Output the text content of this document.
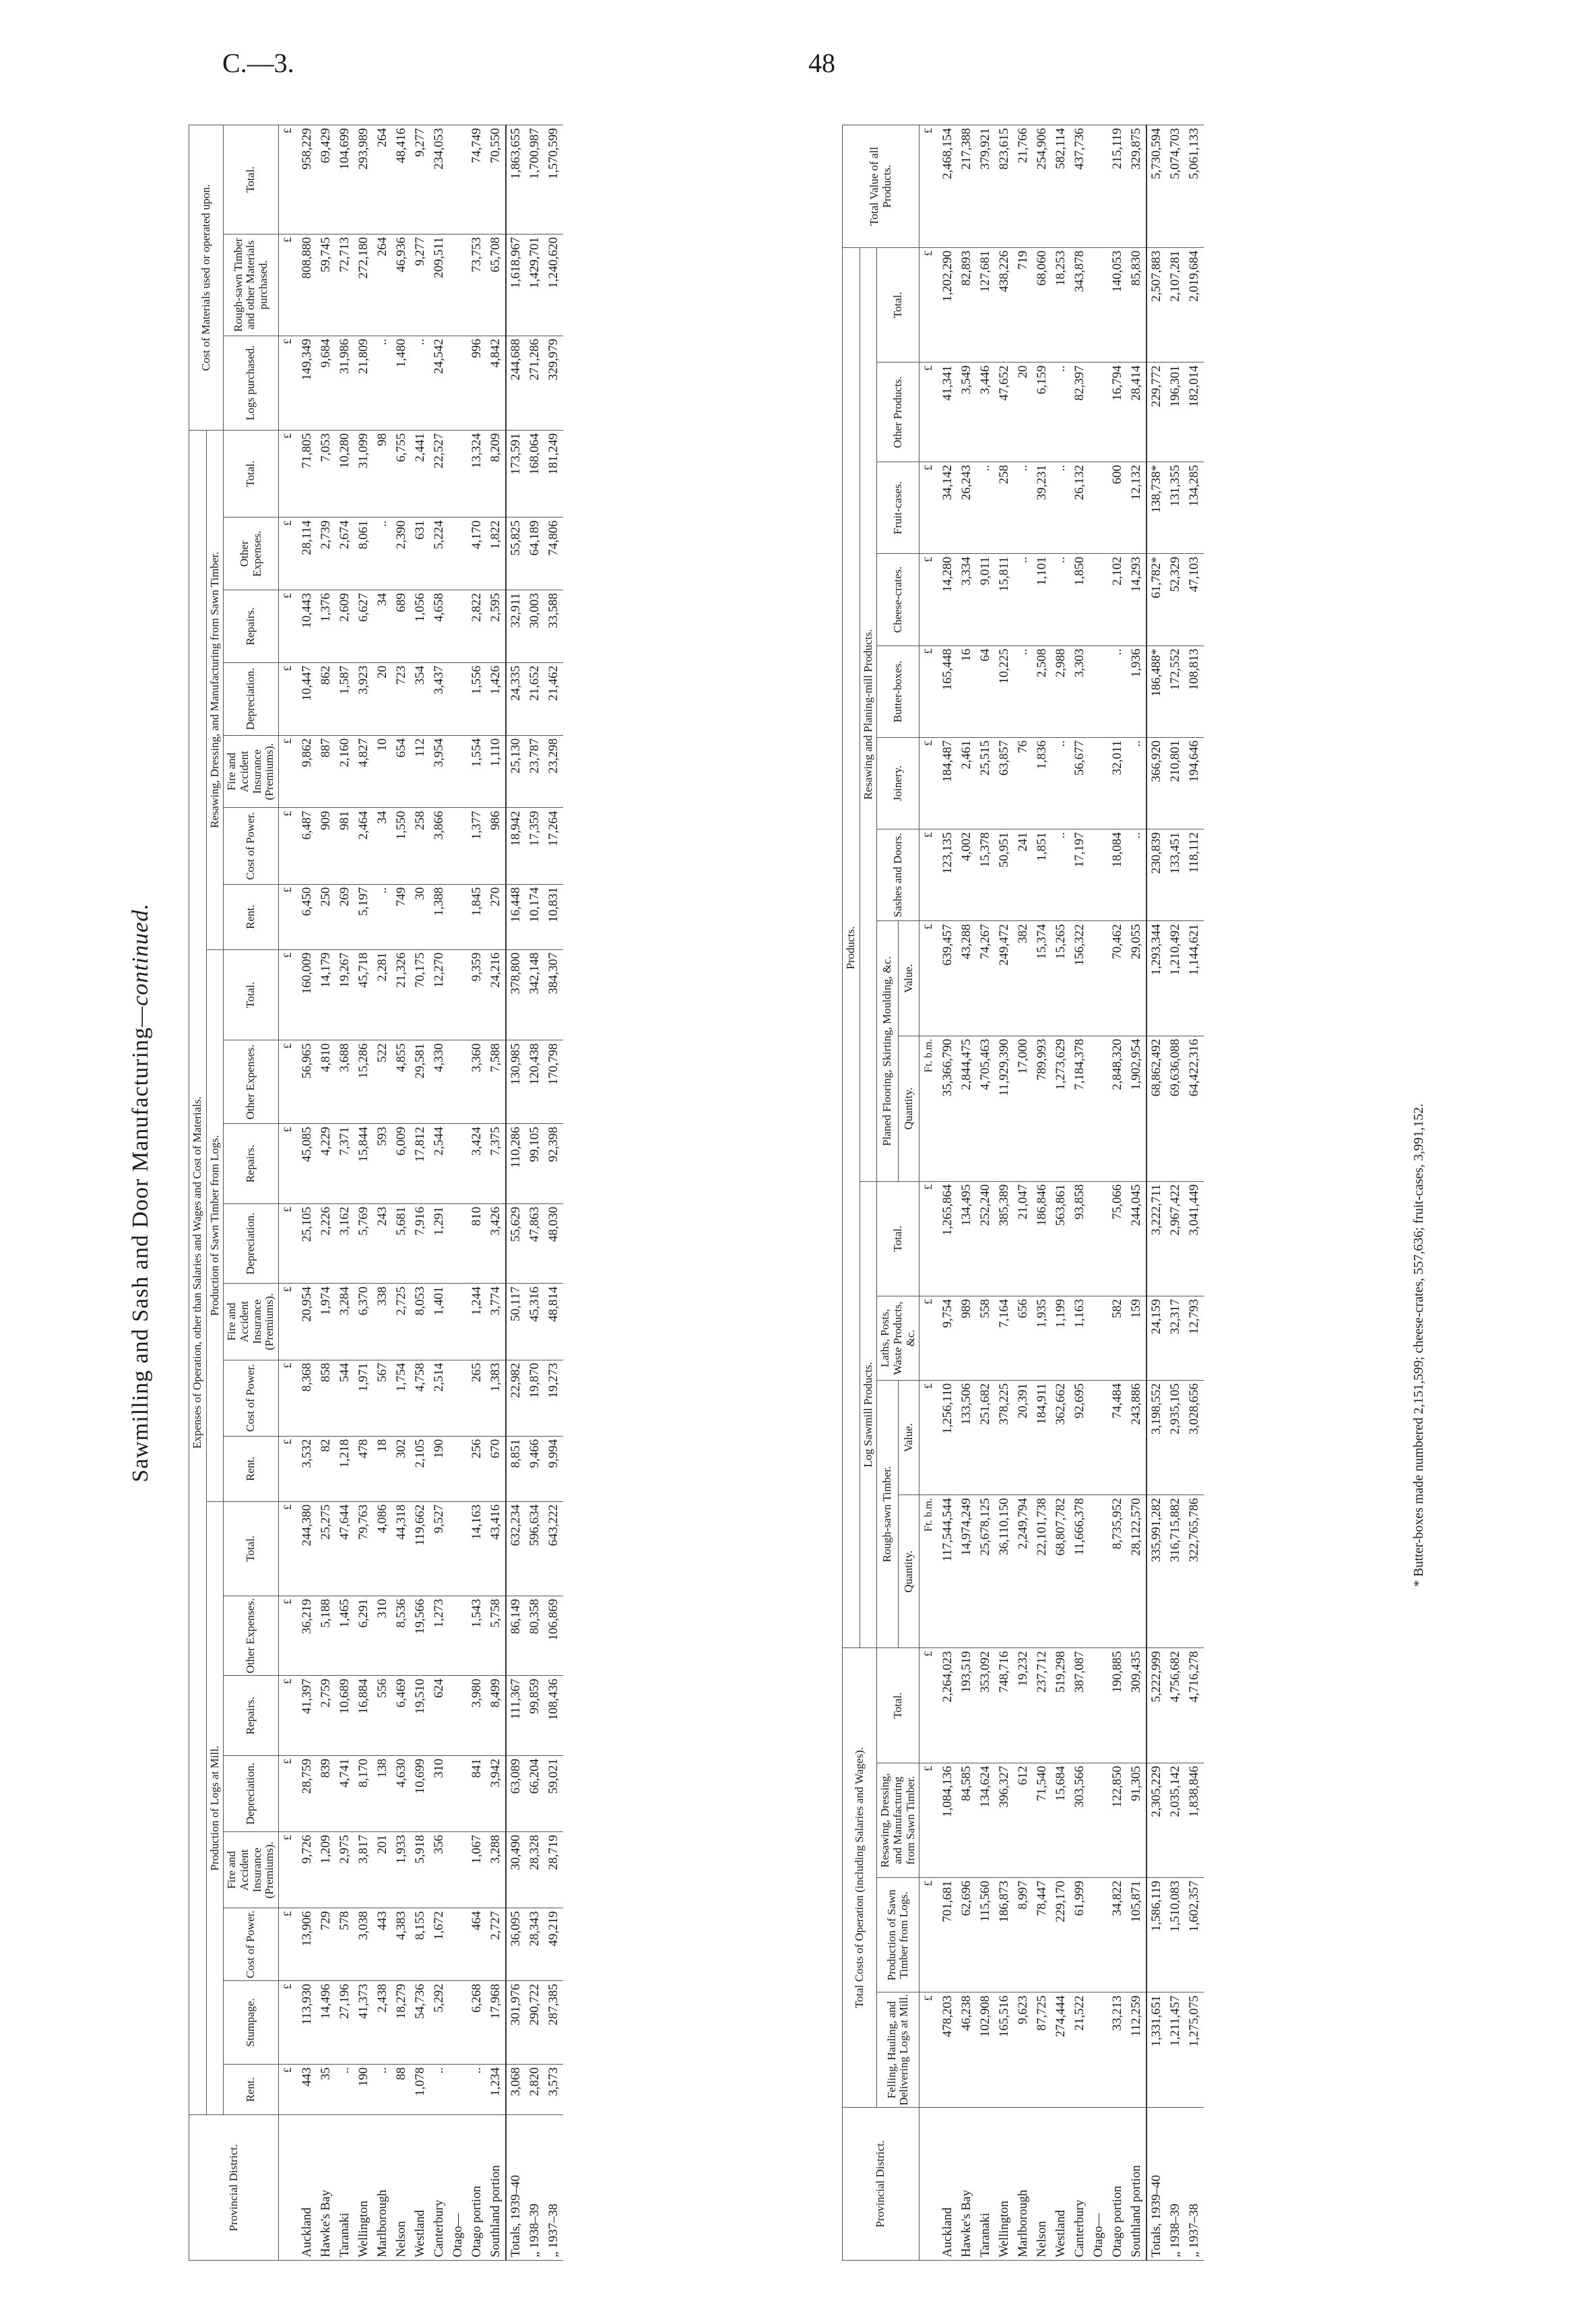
C.—3.	48
Sawmilling and Sash and Door Manufacturing—continued.
Provincial District.	Expenses of Operation, other than Salaries and Wages and Cost of Materials.																						Cost of Materials used or operated upon.		
	Production of Logs at Mill.								Production of Sawn Timber from Logs.							Resawing, Dressing, and Manufacturing from Sawn Timber.									
	Rent.	Stumpage.	Cost of Power.	Fire and Accident Insurance (Premiums).	Depreciation.	Repairs.	Other Expenses.	Total.	Rent.	Cost of Power.	Fire and Accident Insurance (Premiums).	Depreciation.	Repairs.	Other Expenses.	Total.	Rent.	Cost of Power.	Fire and Accident Insurance (Premiums).	Depreciation.	Repairs.	Other Expenses.	Total.	Logs purchased.	Rough-sawn Timber and other Materials purchased.	Total.
	£	£	£	£	£	£	£	£	£	£	£	£	£	£	£	£	£	£	£	£	£	£	£	£	£
Auckland	443	113,930	13,906	9,726	28,759	41,397	36,219	244,380	3,532	8,368	20,954	25,105	45,085	56,965	160,009	6,450	6,487	9,862	10,447	10,443	28,114	71,805	149,349	808,880	958,229
Hawke's Bay	35	14,496	729	1,209	839	2,759	5,188	25,275	82	858	1,974	2,226	4,229	4,810	14,179	250	909	887	862	1,376	2,739	7,053	9,684	59,745	69,429
Taranaki	..	27,196	578	2,975	4,741	10,689	1,465	47,644	1,218	544	3,284	3,162	7,371	3,688	19,267	269	981	2,160	1,587	2,609	2,674	10,280	31,986	72,713	104,699
Wellington	190	41,373	3,038	3,817	8,170	16,884	6,291	79,763	478	1,971	6,370	5,769	15,844	15,286	45,718	5,197	2,464	4,827	3,923	6,627	8,061	31,099	21,809	272,180	293,989
Marlborough	..	2,438	443	201	138	556	310	4,086	18	567	338	243	593	522	2,281	..	34	10	20	34	..	98	..	264	264
Nelson	88	18,279	4,383	1,933	4,630	6,469	8,536	44,318	302	1,754	2,725	5,681	6,009	4,855	21,326	749	1,550	654	723	689	2,390	6,755	1,480	46,936	48,416
Westland	1,078	54,736	8,155	5,918	10,699	19,510	19,566	119,662	2,105	4,758	8,053	7,916	17,812	29,581	70,175	30	258	112	354	1,056	631	2,441	..	9,277	9,277
Canterbury	..	5,292	1,672	356	310	624	1,273	9,527	190	2,514	1,401	1,291	2,544	4,330	12,270	1,388	3,866	3,954	3,437	4,658	5,224	22,527	24,542	209,511	234,053
Otago—																									
Otago portion	..	6,268	464	1,067	841	3,980	1,543	14,163	256	265	1,244	810	3,424	3,360	9,359	1,845	1,377	1,554	1,556	2,822	4,170	13,324	996	73,753	74,749
Southland portion	1,234	17,968	2,727	3,288	3,942	8,499	5,758	43,416	670	1,383	3,774	3,426	7,375	7,588	24,216	270	986	1,110	1,426	2,595	1,822	8,209	4,842	65,708	70,550
Totals, 1939–40	3,068	301,976	36,095	30,490	63,089	111,367	86,149	632,234	8,851	22,982	50,117	55,629	110,286	130,985	378,800	16,448	18,942	25,130	24,335	32,911	55,825	173,591	244,688	1,618,967	1,863,655
„ 1938–39	2,820	290,722	28,343	28,328	66,204	99,859	80,358	596,634	9,466	19,870	45,316	47,863	99,105	120,438	342,148	10,174	17,359	23,787	21,652	30,003	64,189	168,064	271,286	1,429,701	1,700,987
„ 1937–38	3,573	287,385	49,219	28,719	59,021	108,436	106,869	643,222	9,994	19,273	48,814	48,030	92,398	170,798	384,307	10,831	17,264	23,298	21,462	33,588	74,806	181,249	329,979	1,240,620	1,570,599
Provincial District.	Total Costs of Operation (including Salaries and Wages).				Products.													Total Value of all Products.
					Log Sawmill Products.				Resawing and Planing-mill Products.									
	Felling, Hauling, and Delivering Logs at Mill.	Production of Sawn Timber from Logs.	Resawing, Dressing, and Manufacturing from Sawn Timber.	Total.	Rough-sawn Timber.		Laths, Posts, Waste Products, &c.	Total.	Planed Flooring, Skirting, Moulding, &c.		Sashes and Doors.	Joinery.	Butter-boxes.	Cheese-crates.	Fruit-cases.	Other Products.	Total.	
					Quantity.	Value.			Quantity.	Value.								
	£	£	£	£	Ft. b.m.	£	£	£	Ft. b.m.	£	£	£	£	£	£	£	£	£
Auckland	478,203	701,681	1,084,136	2,264,023	117,544,544	1,256,110	9,754	1,265,864	35,366,790	639,457	123,135	184,487	165,448	14,280	34,142	41,341	1,202,290	2,468,154
Hawke's Bay	46,238	62,696	84,585	193,519	14,974,249	133,506	989	134,495	2,844,475	43,288	4,002	2,461	16	3,334	26,243	3,549	82,893	217,388
Taranaki	102,908	115,560	134,624	353,092	25,678,125	251,682	558	252,240	4,705,463	74,267	15,378	25,515	64	9,011	..	3,446	127,681	379,921
Wellington	165,516	186,873	396,327	748,716	36,110,150	378,225	7,164	385,389	11,929,390	249,472	50,951	63,857	10,225	15,811	258	47,652	438,226	823,615
Marlborough	9,623	8,997	612	19,232	2,249,794	20,391	656	21,047	17,000	382	241	76	..	..	..	20	719	21,766
Nelson	87,725	78,447	71,540	237,712	22,101,738	184,911	1,935	186,846	789,993	15,374	1,851	1,836	2,508	1,101	39,231	6,159	68,060	254,906
Westland	274,444	229,170	15,684	519,298	68,807,782	362,662	1,199	563,861	1,273,629	15,265	..	..	2,988	..	..	..	18,253	582,114
Canterbury	21,522	61,999	303,566	387,087	11,666,378	92,695	1,163	93,858	7,184,378	156,322	17,197	56,677	3,303	1,850	26,132	82,397	343,878	437,736
Otago—																		
Otago portion	33,213	34,822	122,850	190,885	8,735,952	74,484	582	75,066	2,848,320	70,462	18,084	32,011	..	2,102	600	16,794	140,053	215,119
Southland portion	112,259	105,871	91,305	309,435	28,122,570	243,886	159	244,045	1,902,954	29,055	..	..	1,936	14,293	12,132	28,414	85,830	329,875
Totals, 1939–40	1,331,651	1,586,119	2,305,229	5,222,999	335,991,282	3,198,552	24,159	3,222,711	68,862,492	1,293,344	230,839	366,920	186,488*	61,782*	138,738*	229,772	2,507,883	5,730,594
„ 1938–39	1,211,457	1,510,083	2,035,142	4,756,682	316,715,882	2,935,105	32,317	2,967,422	69,636,088	1,210,492	133,451	210,801	172,552	52,329	131,355	196,301	2,107,281	5,074,703
„ 1937–38	1,275,075	1,602,357	1,838,846	4,716,278	322,765,786	3,028,656	12,793	3,041,449	64,422,316	1,144,621	118,112	194,646	108,813	47,103	134,285	182,014	2,019,684	5,061,133
* Butter-boxes made numbered 2,151,599; cheese-crates, 557,636; fruit-cases, 3,991,152.
